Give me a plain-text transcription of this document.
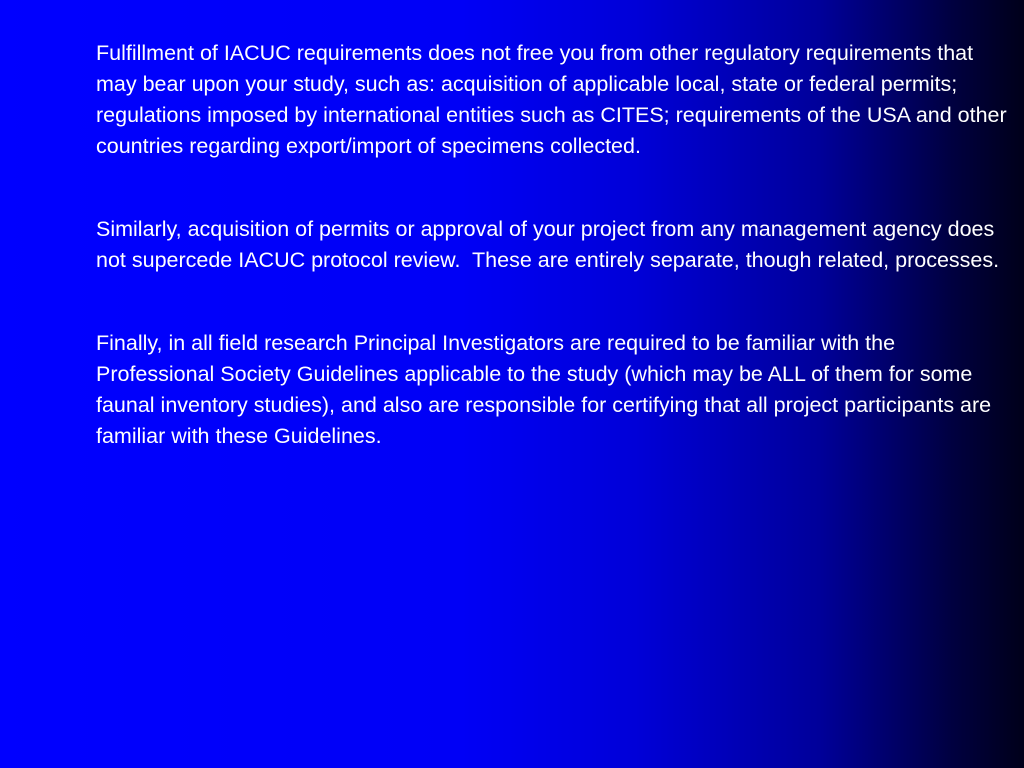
Fulfillment of IACUC requirements does not free you from other regulatory requirements that may bear upon your study, such as: acquisition of applicable local, state or federal permits; regulations imposed by international entities such as CITES; requirements of the USA and other countries regarding export/import of specimens collected.

Similarly, acquisition of permits or approval of your project from any management agency does not supercede IACUC protocol review.  These are entirely separate, though related, processes.

Finally, in all field research Principal Investigators are required to be familiar with the Professional Society Guidelines applicable to the study (which may be ALL of them for some faunal inventory studies), and also are responsible for certifying that all project participants are familiar with these Guidelines.
